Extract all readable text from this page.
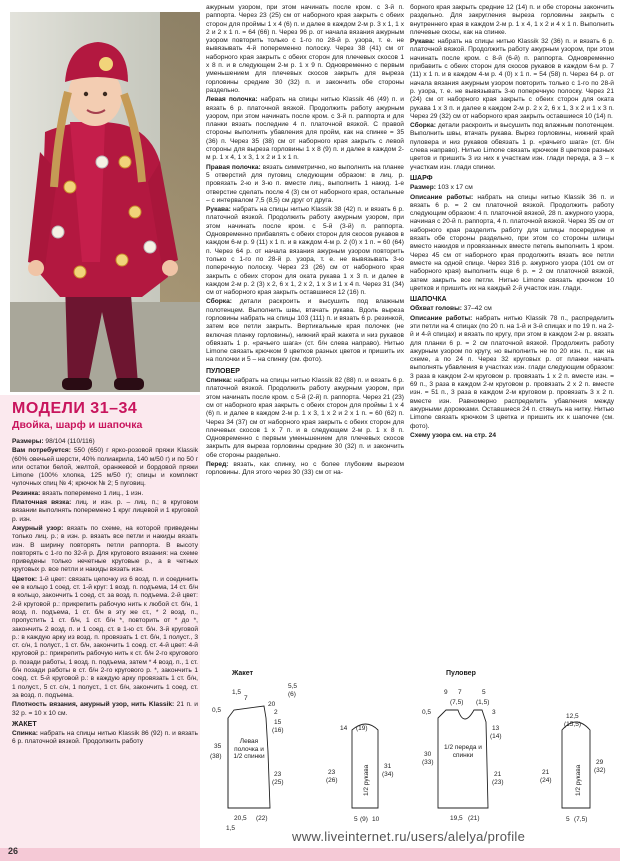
МОДЕЛИ 31–34
Двойка, шарф и шапочка

Размеры: 98/104 (110/116)

Вам потребуется: 550 (650) г ярко-розовой пряжи Klassik (60% овечьей шерсти, 40% полиакрила, 140 м/50 г) и по 50 г или остатки белой, желтой, оранжевой и бордовой пряжи Limone (100% хлопка, 125 м/50 г); спицы и комплект чулочных спиц № 4; крючок № 2; 5 пуговиц.

Резинка: вязать поперемено 1 лиц., 1 изн.

Платочная вязка: лиц. и изн. р. – лиц. п.; в круговом вязании выполнять поперемено 1 круг лицевой и 1 круговой р. изн.

Ажурный узор: вязать по схеме, на которой приведены только лиц. р.; в изн. р. вязать все петли и накиды вязать изн. В ширину повторять петли раппорта. В высоту повторять с 1-го по 32-й р. Для кругового вязания: на схеме приведены только нечетные круговые р., а в четных круговых р. все петли и накиды вязать изн.

Цветок: 1-й цвет: связать цепочку из 6 возд. п. и соединить ее в кольцо 1 соед. ст. 1-й круг: 1 возд. п. подъема, 14 ст. б/н в кольцо, закончить 1 соед. ст. за возд. п. подъема. 2-й цвет: 2-й круговой р.: прикрепить рабочую нить к любой ст. б/н, 1 возд. п. подъема, 1 ст. б/н в эту же ст., * 2 возд. п., пропустить 1 ст. б/н, 1 ст. б/н *, повторить от * до *, закончить 2 возд. п. и 1 соед. ст. в 1-ю ст. б/н. 3-й круговой р.: в каждую арку из возд. п. провязать 1 ст. б/н, 1 полуст., 3 ст. с/н, 1 полуст., 1 ст. б/н, закончить 1 соед. ст. 4-й цвет: 4-й круговой р.: прикрепить рабочую нить к ст. б/н 2-го кругового р. позади работы, 1 возд. п. подъема, затем * 4 возд. п., 1 ст. б/н позади работы в ст. б/н 2-го кругового р. *, закончить 1 соед. ст. 5-й круговой р.: в каждую арку провязать 1 ст. б/н, 1 полуст., 5 ст. с/н, 1 полуст., 1 ст. б/н, закончить 1 соед. ст. за возд. п. подъема.

Плотность вязания, ажурный узор, нить Klassik: 21 п. и 32 р. = 10 х 10 см.

ЖАКЕТ

Спинка: набрать на спицы нитью Klassik 86 (92) п. и вязать 6 р. платочной вязкой. Продолжить работу

ажурным узором, при этом начинать после кром. с 3-й п. раппорта. Через 23 (25) см от наборного края закрыть с обеих сторон для проймы 1 х 4 (6) п. и далее в каждом 2-м р. 3 х 1, 1 х 2 и 2 х 1 п. = 64 (66) п. Через 96 р. от начала вязания ажурным узором повторить только с 1-го по 28-й р. узора, т. е. не вывязывать 4-й попеременно полоску. Через 38 (41) см от наборного края закрыть с обеих сторон для плечевых скосов 1 х 8 п. и в следующем 2-м р. 1 х 9 п. Одновременно с первым уменьшением для плечевых скосов закрыть для выреза горловины средние 30 (32) п. и закончить обе стороны раздельно.

Левая полочка: набрать на спицы нитью Klassik 46 (49) п. и вязать 6 р. платочной вязкой. Продолжить работу ажурным узором, при этом начинать после кром. с 3-й п. раппорта и для планки вязать последние 4 п. платочной вязкой. С правой стороны выполнить убавления для пройм, как на спинке = 35 (36) п. Через 35 (38) см от наборного края закрыть с левой стороны для выреза горловины 1 х 8 (9) п. и далее в каждом 2-м р. 1 х 4, 1 х 3, 1 х 2 и 1 х 1 п.

Правая полочка: вязать симметрично, но выполнить на планке 5 отверстий для пуговиц следующим образом: в лиц. р. провязать 2-ю и 3-ю п. вместе лиц., выполнить 1 накид. 1-е отверстие сделать после 4 (3) см от наборного края, остальные – с интервалом 7,5 (8,5) см друг от друга.

Рукава: набрать на спицы нитью Klassik 38 (42) п. и вязать 6 р. платочной вязкой. Продолжить работу ажурным узором, при этом начинать после кром. с 5-й (3-й) п. раппорта. Одновременно прибавлять с обеих сторон для скосов рукавов в каждом 6-м р. 9 (11) х 1 п. и в каждом 4-м р. 2 (0) х 1 п. = 60 (64) п. Через 64 р. от начала вязания ажурным узором повторить только с 1-го по 28-й р. узора, т. е. не вывязывать 3-ю поперечную полоску. Через 23 (26) см от наборного края закрыть с обеих сторон для оката рукава 1 х 3 п. и далее в каждом 2-м р. 2 (3) х 2, 6 х 1, 2 х 2, 1 х 3 и 1 х 4 п. Через 31 (34) см от наборного края закрыть оставшиеся 12 (16) п.

Сборка: детали раскроить и высушить под влажным полотенцем. Выполнить швы, втачать рукава. Вдоль выреза горловины набрать на спицы 103 (111) п. и вязать 6 р. резинкой, затем все петли закрыть. Вертикальные края полочек (не включая планку горловины), нижний край жакета и низ рукавов обвязать 1 р. «рачьего шага» (ст. б/н слева направо). Нитью Limone связать крючком 9 цветков разных цветов и пришить их на полочки и 5 – на спинку (см. фото).

ПУЛОВЕР

Спинка: набрать на спицы нитью Klassik 82 (88) п. и вязать 6 р. платочной вязкой. Продолжить работу ажурным узором, при этом начинать после кром. с 5-й (2-й) п. раппорта. Через 21 (23) см от наборного края закрыть с обеих сторон для проймы 1 х 4 (6) п. и далее в каждом 2-м р. 1 х 3, 1 х 2 и 2 х 1 п. = 60 (62) п. Через 34 (37) см от наборного края закрыть с обеих сторон для плечевых скосов 1 х 7 п. и в следующем 2-м р. 1 х 8 п. Одновременно с первым уменьшением для плечевых скосов закрыть для выреза горловины средние 30 (32) п. и закончить обе стороны раздельно.

Перед: вязать, как спинку, но с более глубоким вырезом горловины. Для этого через 30 (33) см от на-

борного края закрыть средние 12 (14) п. и обе стороны закончить раздельно. Для закругления выреза горловины закрыть с внутреннего края в каждом 2-м р. 1 х 4, 1 х 2 и 4 х 1 п. Выполнить плечевые скосы, как на спинке.

Рукава: набрать на спицы нитью Klassik 32 (36) п. и вязать 6 р. платочной вязкой. Продолжить работу ажурным узором, при этом начинать после кром. с 8-й (6-й) п. раппорта. Одновременно прибавить с обеих сторон для скосов рукавов в каждом 6-м р. 7 (11) х 1 п. и в каждом 4-м р. 4 (0) х 1 п. = 54 (58) п. Через 64 р. от начала вязания ажурным узором повторить только с 1-го по 28-й р. узора, т. е. не вывязывать 3-ю поперечную полоску. Через 21 (24) см от наборного края закрыть с обеих сторон для оката рукава 1 х 3 п. и далее в каждом 2-м р. 2 х 2, 6 х 1, 3 х 2 и 1 х 3 п. Через 29 (32) см от наборного края закрыть оставшиеся 10 (14) п.

Сборка: детали раскроить и высушить под влажным полотенцем. Выполнить швы, втачать рукава. Вырез горловины, нижний край пуловера и низ рукавов обвязать 1 р. «рачьего шага» (ст. б/н слева направо). Нитью Limone связать крючком 8 цветков разных цветов и пришить 3 из них к участкам изн. глади переда, а 3 – к участкам изн. глади спинки.

ШАРФ

Размер: 103 х 17 см

Описание работы: набрать на спицы нитью Klassik 36 п. и вязать 6 р. = 2 см платочной вязкой. Продолжить работу следующим образом: 4 п. платочной вязкой, 28 п. ажурного узора, начиная с 20-й п. раппорта, 4 п. платочной вязкой. Через 35 см от наборного края разделить работу для шлицы посередине и вязать обе стороны раздельно, при этом со стороны шлицы вместо накидов и провязанных вместе петель выполнить 1 кром. Через 45 см от наборного края продолжить вязать все петли вместе на одной спице. Через 316 р. ажурного узора (101 см от наборного края) выполнить еще 6 р. = 2 см платочной вязкой, затем закрыть все петли. Нитью Limone связать крючком 10 цветков и пришить их на каждый 2-й участок изн. глади.

ШАПОЧКА

Обхват головы: 37–42 см

Описание работы: набрать нитью Klassik 78 п., распределить эти петли на 4 спицах (по 20 п. на 1-й и 3-й спицах и по 19 п. на 2-й и 4-й спицах) и вязать по кругу, при этом в каждом 2-м р. вязать для планки 6 р. = 2 см платочной вязкой. Продолжить работу ажурным узором по кругу, но выполнить не по 20 изн. п., как на схеме, а по 24 п. Через 32 круговых р. от планки начать выполнять убавления в участках изн. глади следующим образом: 3 раза в каждом 2-м круговом р. провязать 1 х 2 п. вместе изн. = 69 п., 3 раза в каждом 2-м круговом р. провязать 2 х 2 п. вместе изн. = 51 п., 3 раза в каждом 2-м круговом р. провязать 3 х 2 п. вместе изн. Равномерно распределить убавления между ажурными дорожками. Оставшиеся 24 п. стянуть на нитку. Нитью Limone связать крючком 3 цветка и пришить их к шапочке (см. фото).

Схему узора см. на стр. 24

Жакет	Пуловер
1,5
7
5,5
(6)
0,5
35
(38)
15
(16)
2
20
23
(25)
Левая полочка и 1/2 спинки
20,5 (22)
1,5
14 (19)
31
(34)
23
(26)	1/2 рукава
5 (9) 10
9 7	5
(7,5) (1,5)
0,5	3
30
(33)
13
(14)
21
(23)
1/2 переда и спинки
19,5 (21)
12,5
(15,5)
29
(32)
21
(24)	1/2 рукава
5 (7,5)
26
www.liveinternet.ru/users/alelya/profile
